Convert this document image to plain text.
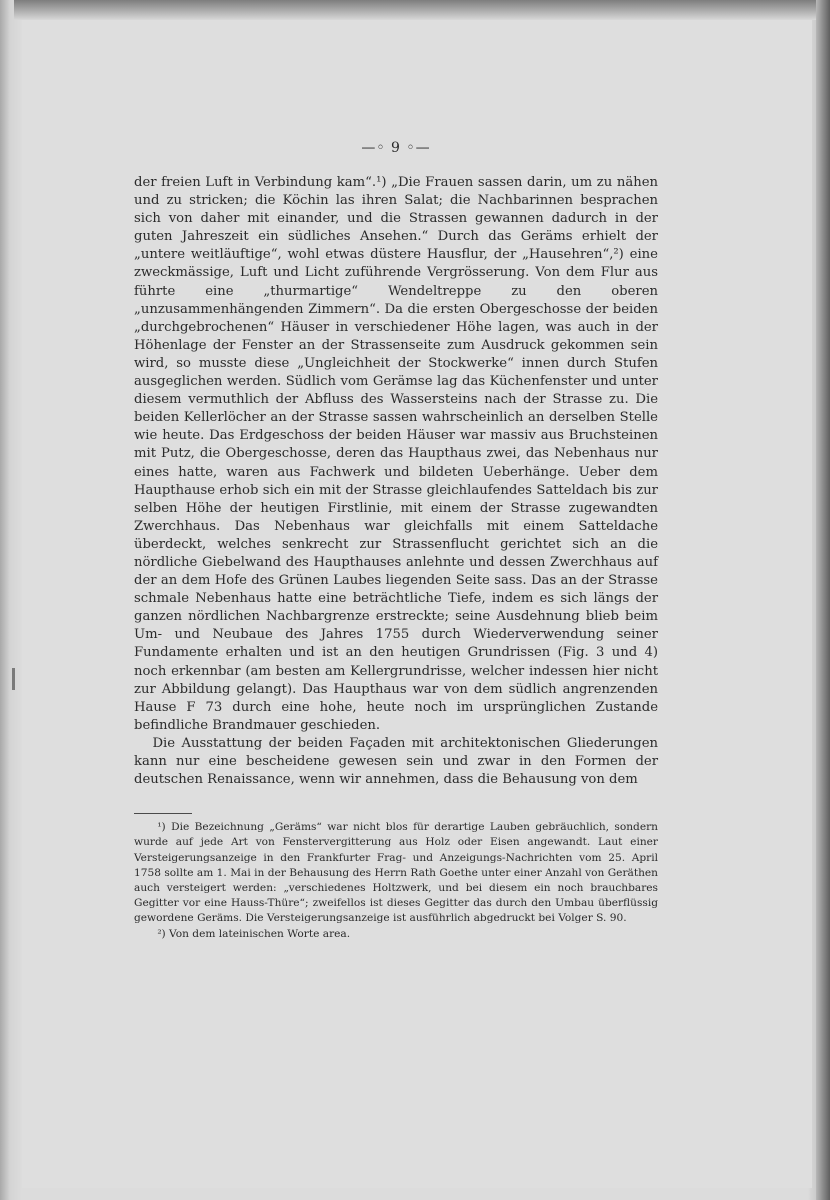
—◦ 9 ◦—

der freien Luft in Verbindung kam“.¹) „Die Frauen sassen darin, um zu nähen und zu stricken; die Köchin las ihren Salat; die Nachbarinnen besprachen sich von daher mit einander, und die Strassen gewannen dadurch in der guten Jahreszeit ein südliches Ansehen.“ Durch das Geräms erhielt der „untere weitläuftige“, wohl etwas düstere Hausflur, der „Hausehren“,²) eine zweckmässige, Luft und Licht zuführende Vergrösserung. Von dem Flur aus führte eine „thurmartige“ Wendeltreppe zu den oberen „unzusammenhängenden Zimmern“. Da die ersten Obergeschosse der beiden „durchgebrochenen“ Häuser in verschiedener Höhe lagen, was auch in der Höhenlage der Fenster an der Strassenseite zum Ausdruck gekommen sein wird, so musste diese „Ungleichheit der Stockwerke“ innen durch Stufen ausgeglichen werden. Südlich vom Gerämse lag das Küchenfenster und unter diesem vermuthlich der Abfluss des Wassersteins nach der Strasse zu. Die beiden Kellerlöcher an der Strasse sassen wahrscheinlich an derselben Stelle wie heute. Das Erdgeschoss der beiden Häuser war massiv aus Bruchsteinen mit Putz, die Obergeschosse, deren das Haupthaus zwei, das Nebenhaus nur eines hatte, waren aus Fachwerk und bildeten Ueberhänge. Ueber dem Haupthause erhob sich ein mit der Strasse gleichlaufendes Satteldach bis zur selben Höhe der heutigen Firstlinie, mit einem der Strasse zugewandten Zwerchhaus. Das Nebenhaus war gleichfalls mit einem Satteldache überdeckt, welches senkrecht zur Strassenflucht gerichtet sich an die nördliche Giebelwand des Haupthauses anlehnte und dessen Zwerchhaus auf der an dem Hofe des Grünen Laubes liegenden Seite sass. Das an der Strasse schmale Nebenhaus hatte eine beträchtliche Tiefe, indem es sich längs der ganzen nördlichen Nachbargrenze erstreckte; seine Ausdehnung blieb beim Um- und Neubaue des Jahres 1755 durch Wiederverwendung seiner Fundamente erhalten und ist an den heutigen Grundrissen (Fig. 3 und 4) noch erkennbar (am besten am Kellergrundrisse, welcher indessen hier nicht zur Abbildung gelangt). Das Haupthaus war von dem südlich angrenzenden Hause F 73 durch eine hohe, heute noch im ursprünglichen Zustande befindliche Brandmauer geschieden.

Die Ausstattung der beiden Façaden mit architektonischen Gliederungen kann nur eine bescheidene gewesen sein und zwar in den Formen der deutschen Renaissance, wenn wir annehmen, dass die Behausung von dem

¹) Die Bezeichnung „Geräms“ war nicht blos für derartige Lauben gebräuchlich, sondern wurde auf jede Art von Fenstervergitterung aus Holz oder Eisen angewandt. Laut einer Versteigerungsanzeige in den Frankfurter Frag- und Anzeigungs-Nachrichten vom 25. April 1758 sollte am 1. Mai in der Behausung des Herrn Rath Goethe unter einer Anzahl von Geräthen auch versteigert werden: „verschiedenes Holtzwerk, und bei diesem ein noch brauchbares Gegitter vor eine Hauss-Thüre“; zweifellos ist dieses Gegitter das durch den Umbau überflüssig gewordene Geräms. Die Versteigerungsanzeige ist ausführlich abgedruckt bei Volger S. 90.

²) Von dem lateinischen Worte area.
